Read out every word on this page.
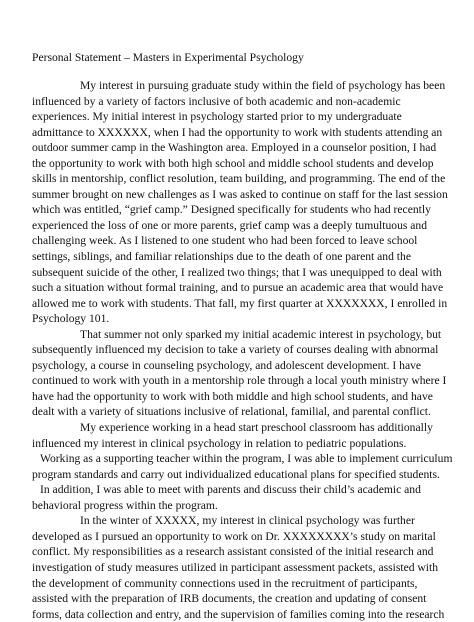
Personal Statement – Masters in Experimental Psychology
My interest in pursuing graduate study within the field of psychology has been
influenced by a variety of factors inclusive of both academic and non-academic
experiences. My initial interest in psychology started prior to my undergraduate
admittance to XXXXXX, when I had the opportunity to work with students attending an
outdoor summer camp in the Washington area. Employed in a counselor position, I had
the opportunity to work with both high school and middle school students and develop
skills in mentorship, conflict resolution, team building, and programming. The end of the
summer brought on new challenges as I was asked to continue on staff for the last session
which was entitled, “grief camp.” Designed specifically for students who had recently
experienced the loss of one or more parents, grief camp was a deeply tumultuous and
challenging week. As I listened to one student who had been forced to leave school
settings, siblings, and familiar relationships due to the death of one parent and the
subsequent suicide of the other, I realized two things; that I was unequipped to deal with
such a situation without formal training, and to pursue an academic area that would have
allowed me to work with students. That fall, my first quarter at XXXXXXX, I enrolled in
Psychology 101.
That summer not only sparked my initial academic interest in psychology, but
subsequently influenced my decision to take a variety of courses dealing with abnormal
psychology, a course in counseling psychology, and adolescent development. I have
continued to work with youth in a mentorship role through a local youth ministry where I
have had the opportunity to work with both middle and high school students, and have
dealt with a variety of situations inclusive of relational, familial, and parental conflict.
My experience working in a head start preschool classroom has additionally
influenced my interest in clinical psychology in relation to pediatric populations.
Working as a supporting teacher within the program, I was able to implement curriculum
program standards and carry out individualized educational plans for specified students.
In addition, I was able to meet with parents and discuss their child’s academic and
behavioral progress within the program.
In the winter of XXXXX, my interest in clinical psychology was further
developed as I pursued an opportunity to work on Dr. XXXXXXXX’s study on marital
conflict. My responsibilities as a research assistant consisted of the initial research and
investigation of study measures utilized in participant assessment packets, assisted with
the development of community connections used in the recruitment of participants,
assisted with the preparation of IRB documents, the creation and updating of consent
forms, data collection and entry, and the supervision of families coming into the research
